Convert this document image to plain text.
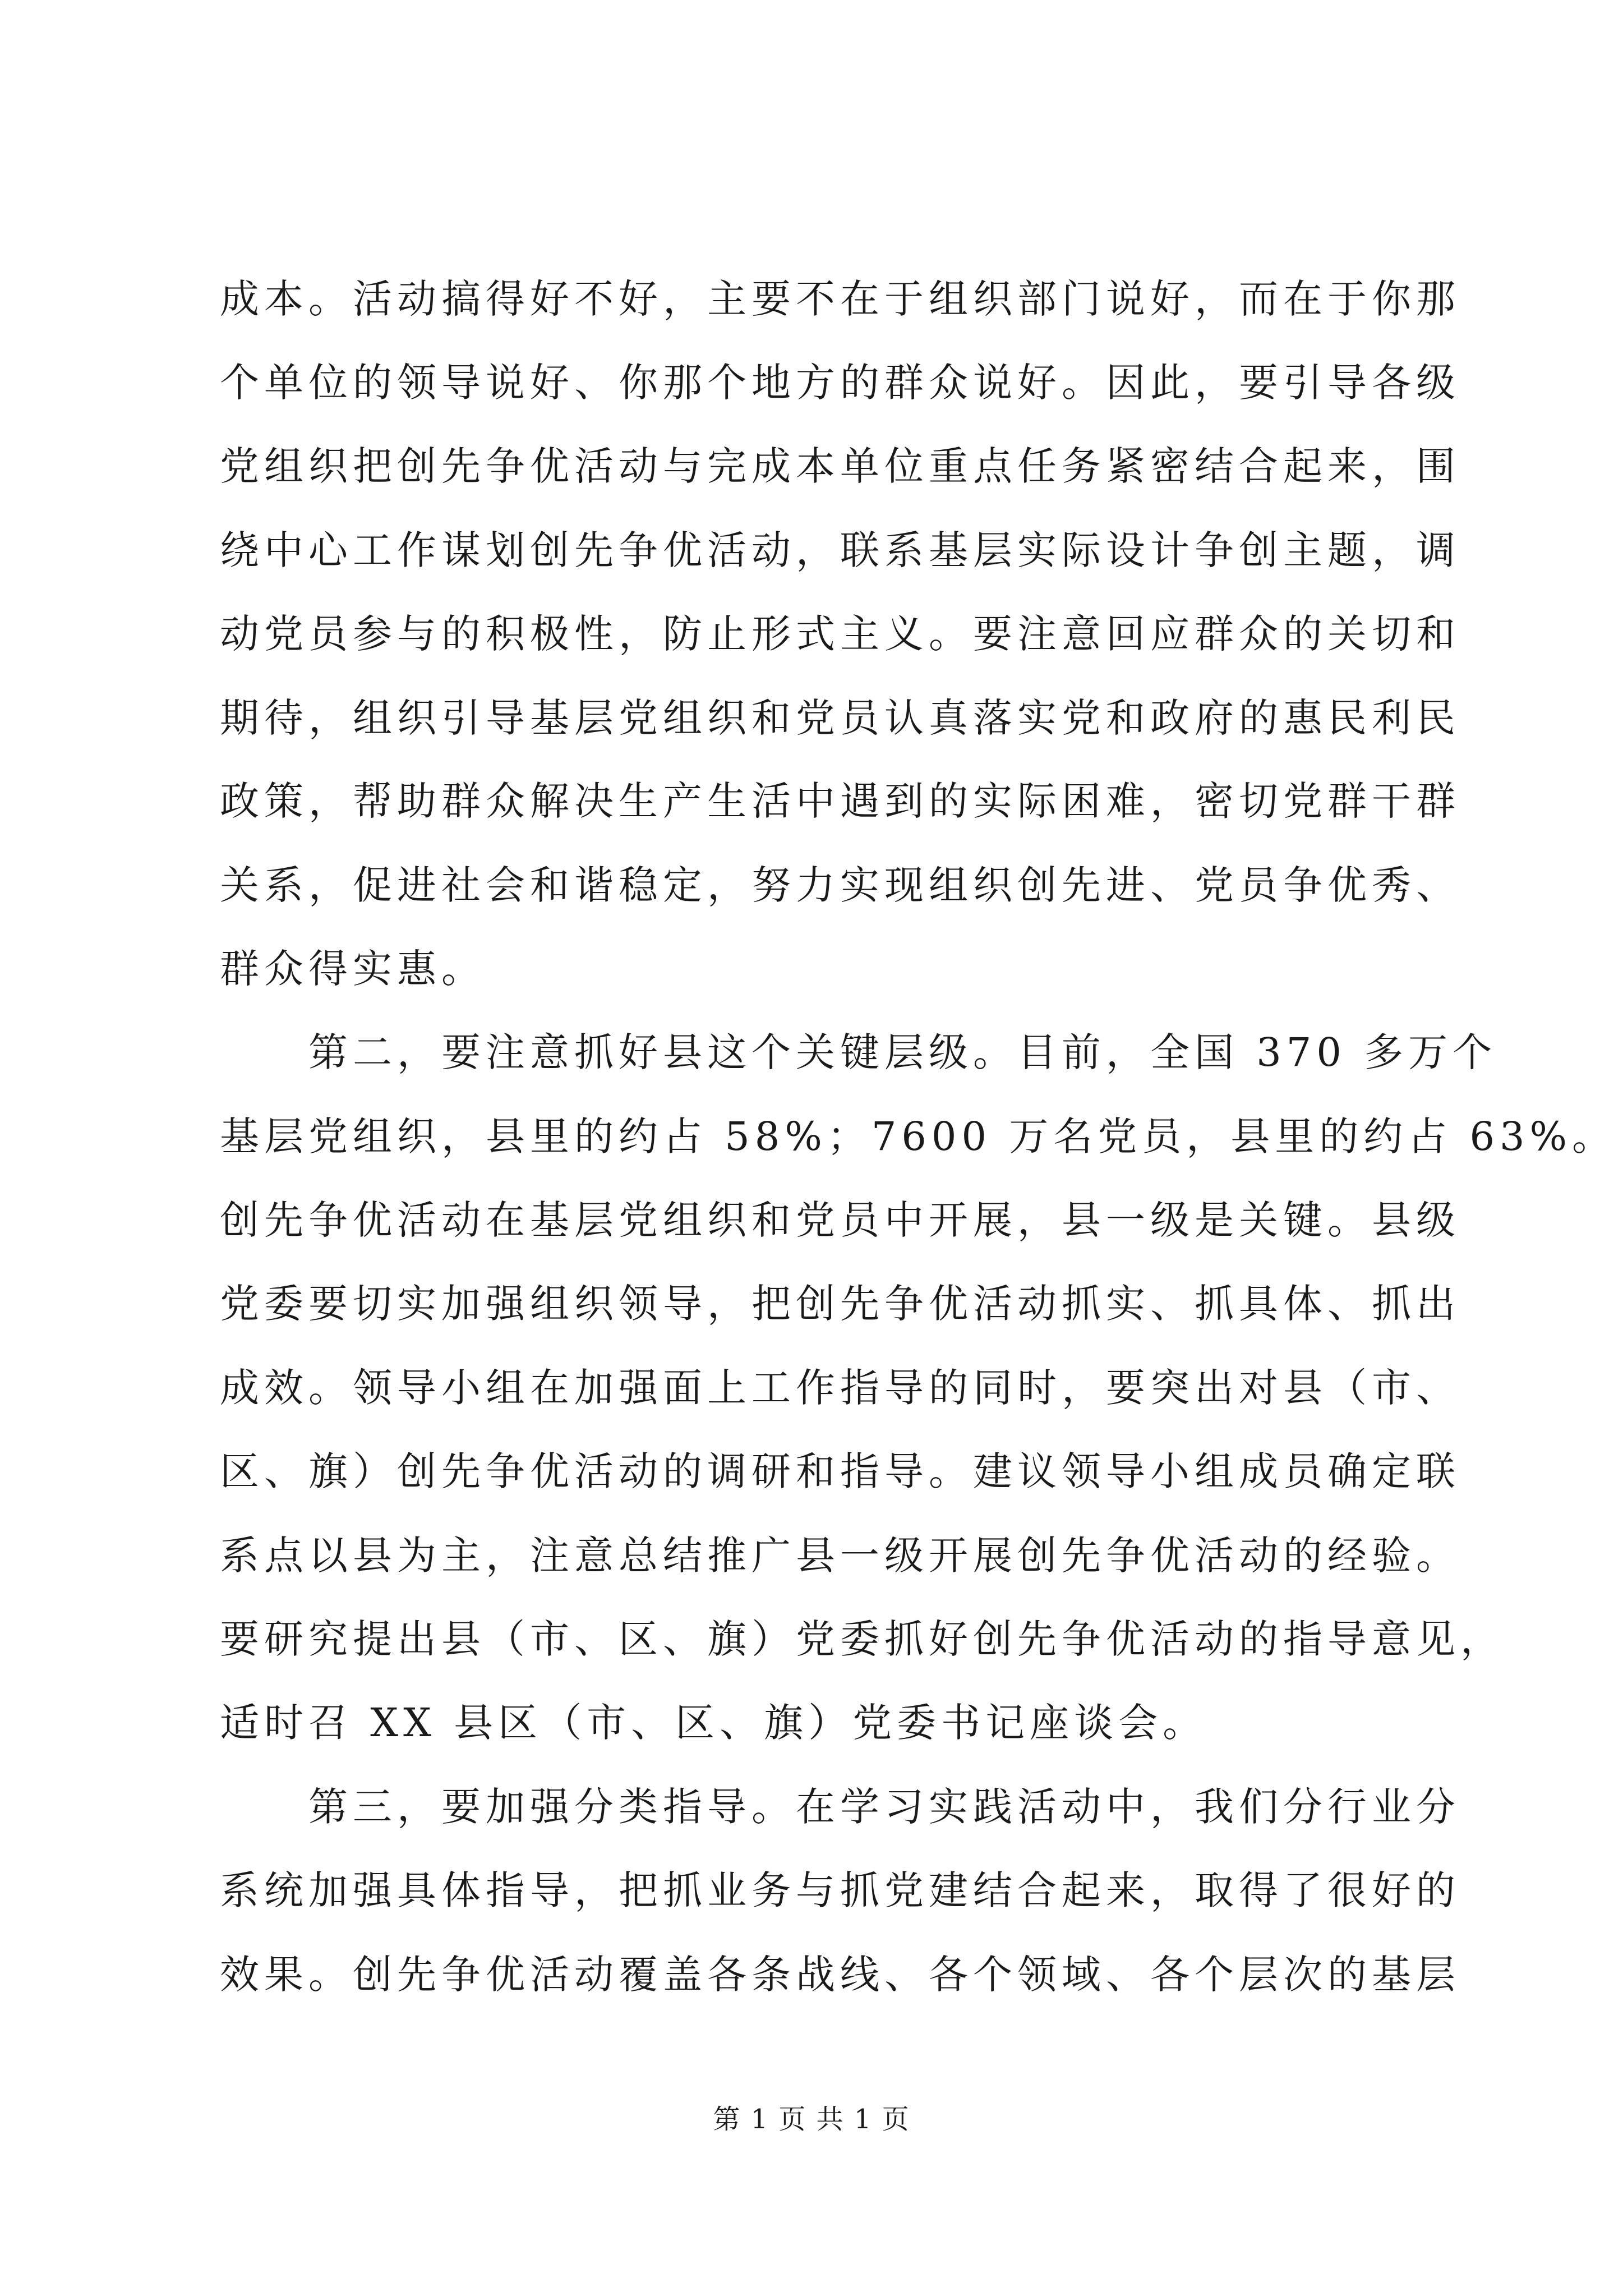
成本。活动搞得好不好，主要不在于组织部门说好，而在于你那
个单位的领导说好、你那个地方的群众说好。因此，要引导各级
党组织把创先争优活动与完成本单位重点任务紧密结合起来，围
绕中心工作谋划创先争优活动，联系基层实际设计争创主题，调
动党员参与的积极性，防止形式主义。要注意回应群众的关切和
期待，组织引导基层党组织和党员认真落实党和政府的惠民利民
政策，帮助群众解决生产生活中遇到的实际困难，密切党群干群
关系，促进社会和谐稳定，努力实现组织创先进、党员争优秀、
群众得实惠。
　　第二，要注意抓好县这个关键层级。目前，全国 370 多万个
基层党组织，县里的约占 58%；7600 万名党员，县里的约占 63%。
创先争优活动在基层党组织和党员中开展，县一级是关键。县级
党委要切实加强组织领导，把创先争优活动抓实、抓具体、抓出
成效。领导小组在加强面上工作指导的同时，要突出对县（市、
区、旗）创先争优活动的调研和指导。建议领导小组成员确定联
系点以县为主，注意总结推广县一级开展创先争优活动的经验。
要研究提出县（市、区、旗）党委抓好创先争优活动的指导意见，
适时召 XX 县区（市、区、旗）党委书记座谈会。
　　第三，要加强分类指导。在学习实践活动中，我们分行业分
系统加强具体指导，把抓业务与抓党建结合起来，取得了很好的
效果。创先争优活动覆盖各条战线、各个领域、各个层次的基层
第 1 页 共 1 页
